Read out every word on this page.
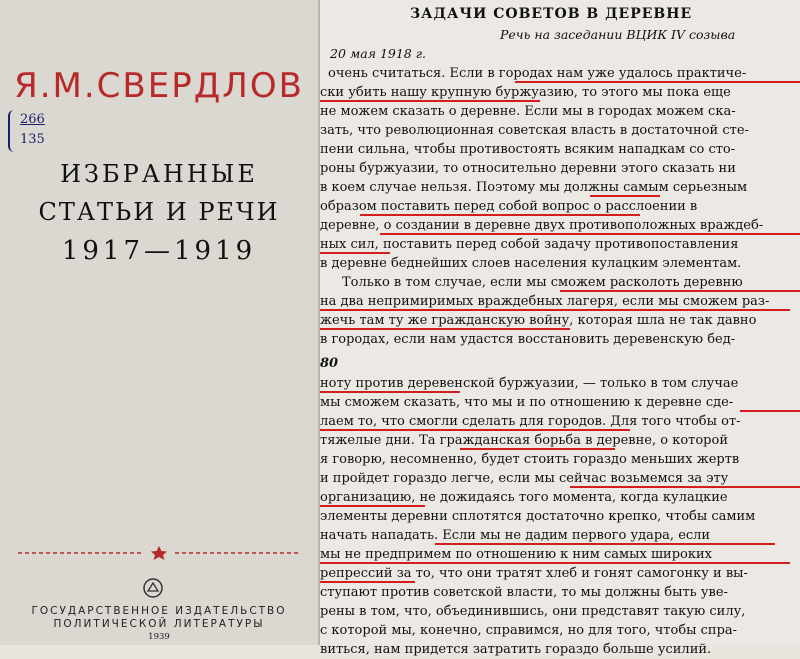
Я.М.СВЕРДЛОВ
266
135
ИЗБРАННЫЕ
СТАТЬИ И РЕЧИ
1917—1919
ГОСУДАРСТВЕННОЕ ИЗДАТЕЛЬСТВО
ПОЛИТИЧЕСКОЙ ЛИТЕРАТУРЫ
1939
ЗАДАЧИ СОВЕТОВ В ДЕРЕВНЕ
Речь на заседании ВЦИК IV созыва
20 мая 1918 г.
очень считаться. Если в городах нам уже удалось практиче-
ски убить нашу крупную буржуазию, то этого мы пока еще
не можем сказать о деревне. Если мы в городах можем ска-
зать, что революционная советская власть в достаточной сте-
пени сильна, чтобы противостоять всяким нападкам со сто-
роны буржуазии, то относительно деревни этого сказать ни
в коем случае нельзя. Поэтому мы должны самым серьезным
образом поставить перед собой вопрос о расслоении в
деревне, о создании в деревне двух противоположных враждеб-
ных сил, поставить перед собой задачу противопоставления
в деревне беднейших слоев населения кулацким элементам.
Только в том случае, если мы сможем расколоть деревню
на два непримиримых враждебных лагеря, если мы сможем раз-
жечь там ту же гражданскую войну, которая шла не так давно
в городах, если нам удастся восстановить деревенскую бед-
80
ноту против деревенской буржуазии, — только в том случае
мы сможем сказать, что мы и по отношению к деревне сде-
лаем то, что смогли сделать для городов. Для того чтобы от-
тяжелые дни. Та гражданская борьба в деревне, о которой
я говорю, несомненно, будет стоить гораздо меньших жертв
и пройдет гораздо легче, если мы сейчас возьмемся за эту
организацию, не дожидаясь того момента, когда кулацкие
элементы деревни сплотятся достаточно крепко, чтобы самим
начать нападать. Если мы не дадим первого удара, если
мы не предпримем по отношению к ним самых широких
репрессий за то, что они тратят хлеб и гонят самогонку и вы-
ступают против советской власти, то мы должны быть уве-
рены в том, что, объединившись, они представят такую силу,
с которой мы, конечно, справимся, но для того, чтобы спра-
виться, нам придется затратить гораздо больше усилий.
